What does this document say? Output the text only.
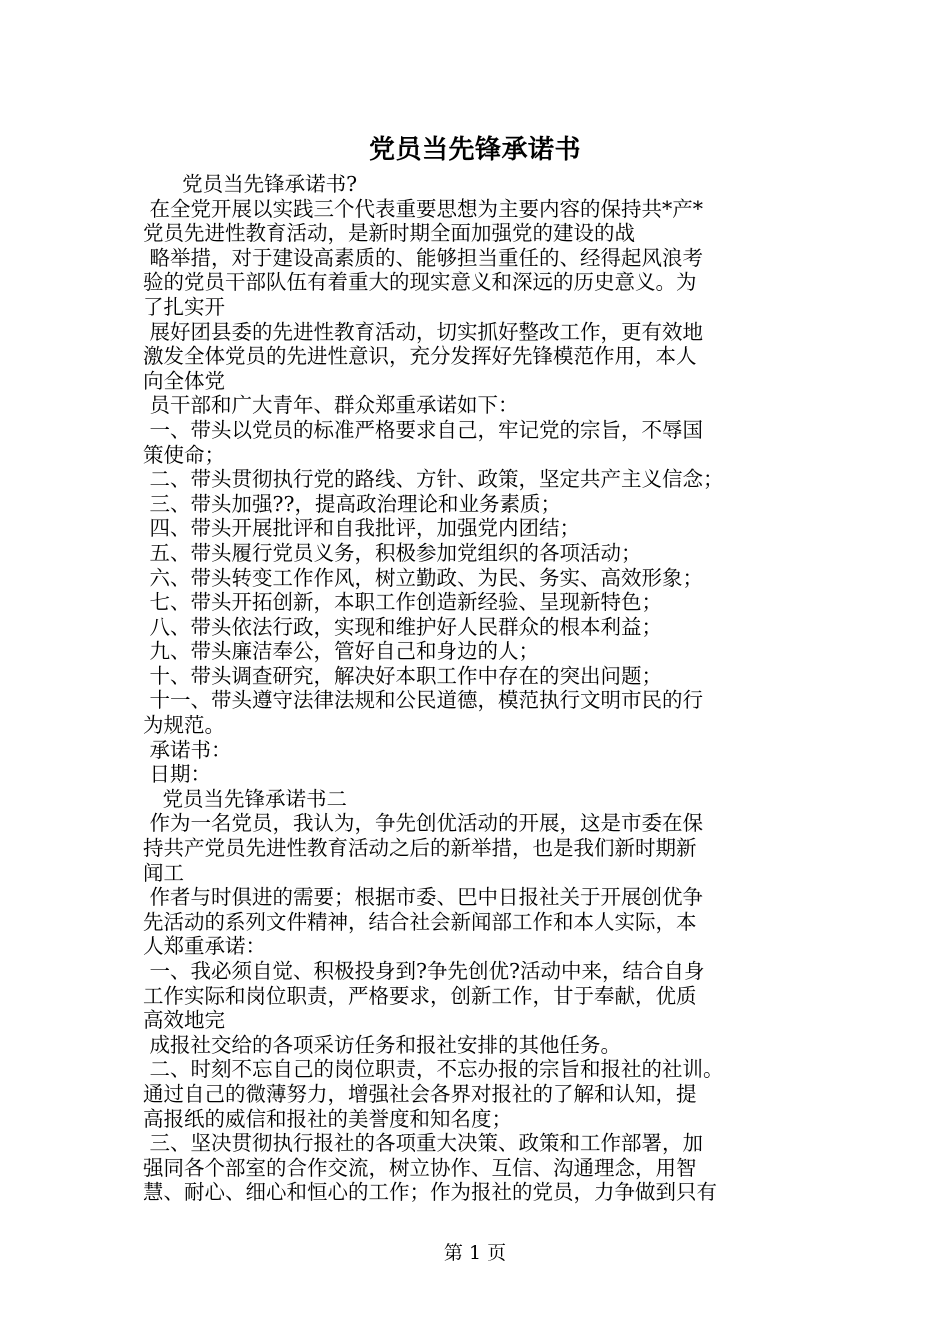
党员当先锋承诺书
党员当先锋承诺书?
在全党开展以实践三个代表重要思想为主要内容的保持共*产*
党员先进性教育活动，是新时期全面加强党的建设的战
略举措，对于建设高素质的、能够担当重任的、经得起风浪考
验的党员干部队伍有着重大的现实意义和深远的历史意义。为
了扎实开
展好团县委的先进性教育活动，切实抓好整改工作，更有效地
激发全体党员的先进性意识，充分发挥好先锋模范作用，本人
向全体党
员干部和广大青年、群众郑重承诺如下：
一、带头以党员的标准严格要求自己，牢记党的宗旨，不辱国
策使命；
二、带头贯彻执行党的路线、方针、政策，坚定共产主义信念；
三、带头加强??，提高政治理论和业务素质；
四、带头开展批评和自我批评，加强党内团结；
五、带头履行党员义务，积极参加党组织的各项活动；
六、带头转变工作作风，树立勤政、为民、务实、高效形象；
七、带头开拓创新，本职工作创造新经验、呈现新特色；
八、带头依法行政，实现和维护好人民群众的根本利益；
九、带头廉洁奉公，管好自己和身边的人；
十、带头调查研究，解决好本职工作中存在的突出问题；
十一、带头遵守法律法规和公民道德，模范执行文明市民的行
为规范。
承诺书：
日期：
党员当先锋承诺书二
作为一名党员，我认为，争先创优活动的开展，这是市委在保
持共产党员先进性教育活动之后的新举措，也是我们新时期新
闻工
作者与时俱进的需要；根据市委、巴中日报社关于开展创优争
先活动的系列文件精神，结合社会新闻部工作和本人实际，本
人郑重承诺：
一、我必须自觉、积极投身到?争先创优?活动中来，结合自身
工作实际和岗位职责，严格要求，创新工作，甘于奉献，优质
高效地完
成报社交给的各项采访任务和报社安排的其他任务。
二、时刻不忘自己的岗位职责，不忘办报的宗旨和报社的社训。
通过自己的微薄努力，增强社会各界对报社的了解和认知，提
高报纸的威信和报社的美誉度和知名度；
三、坚决贯彻执行报社的各项重大决策、政策和工作部署，加
强同各个部室的合作交流，树立协作、互信、沟通理念，用智
慧、耐心、细心和恒心的工作；作为报社的党员，力争做到只有
第 1 页
